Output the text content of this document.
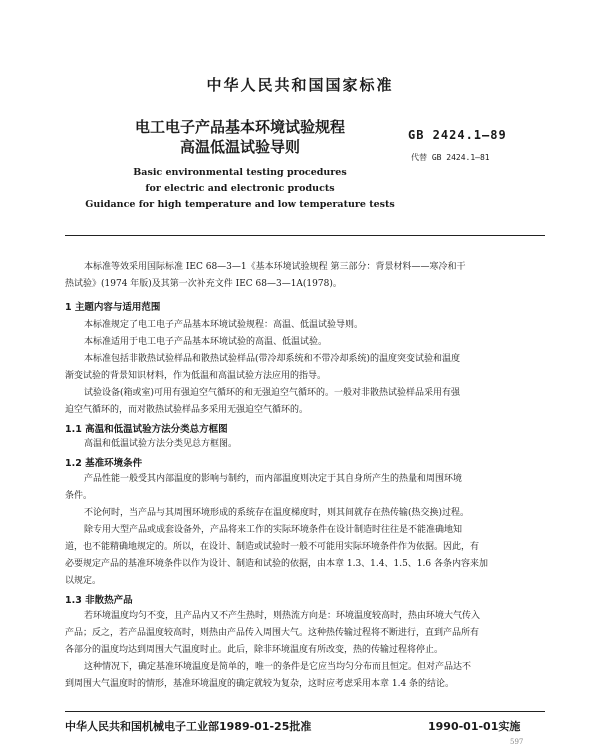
中华人民共和国国家标准
电工电子产品基本环境试验规程
高温低温试验导则
GB 2424.1—89
代替 GB 2424.1—81
Basic environmental testing procedures
for electric and electronic products
Guidance for high temperature and low temperature tests
本标准等效采用国际标准 IEC 68—3—1《基本环境试验规程 第三部分：背景材料——寒冷和干
热试验》(1974 年版)及其第一次补充文件 IEC 68—3—1A(1978)。
1 主题内容与适用范围
本标准规定了电工电子产品基本环境试验规程：高温、低温试验导则。
本标准适用于电工电子产品基本环境试验的高温、低温试验。
本标准包括非散热试验样品和散热试验样品(带冷却系统和不带冷却系统)的温度突变试验和温度
渐变试验的背景知识材料，作为低温和高温试验方法应用的指导。
试验设备(箱或室)可用有强迫空气循环的和无强迫空气循环的。一般对非散热试验样品采用有强
迫空气循环的，而对散热试验样品多采用无强迫空气循环的。
1.1 高温和低温试验方法分类总方框图
高温和低温试验方法分类见总方框图。
1.2 基准环境条件
产品性能一般受其内部温度的影响与制约，而内部温度则决定于其自身所产生的热量和周围环境
条件。
不论何时，当产品与其周围环境形成的系统存在温度梯度时，则其间就存在热传输(热交换)过程。
除专用大型产品或成套设备外，产品将来工作的实际环境条件在设计制造时往往是不能准确地知
道，也不能精确地规定的。所以，在设计、制造或试验时一般不可能用实际环境条件作为依据。因此，有
必要规定产品的基准环境条件以作为设计、制造和试验的依据，由本章 1.3、1.4、1.5、1.6 各条内容来加
以规定。
1.3 非散热产品
若环境温度均匀不变，且产品内又不产生热时，则热流方向是：环境温度较高时，热由环境大气传入
产品；反之，若产品温度较高时，则热由产品传入周围大气。这种热传输过程将不断进行，直到产品所有
各部分的温度均达到周围大气温度时止。此后，除非环境温度有所改变，热的传输过程将停止。
这种情况下，确定基准环境温度是简单的，唯一的条件是它应当均匀分布而且恒定。但对产品达不
到周围大气温度时的情形，基准环境温度的确定就较为复杂，这时应考虑采用本章 1.4 条的结论。
中华人民共和国机械电子工业部1989-01-25批准	1990-01-01实施
597
